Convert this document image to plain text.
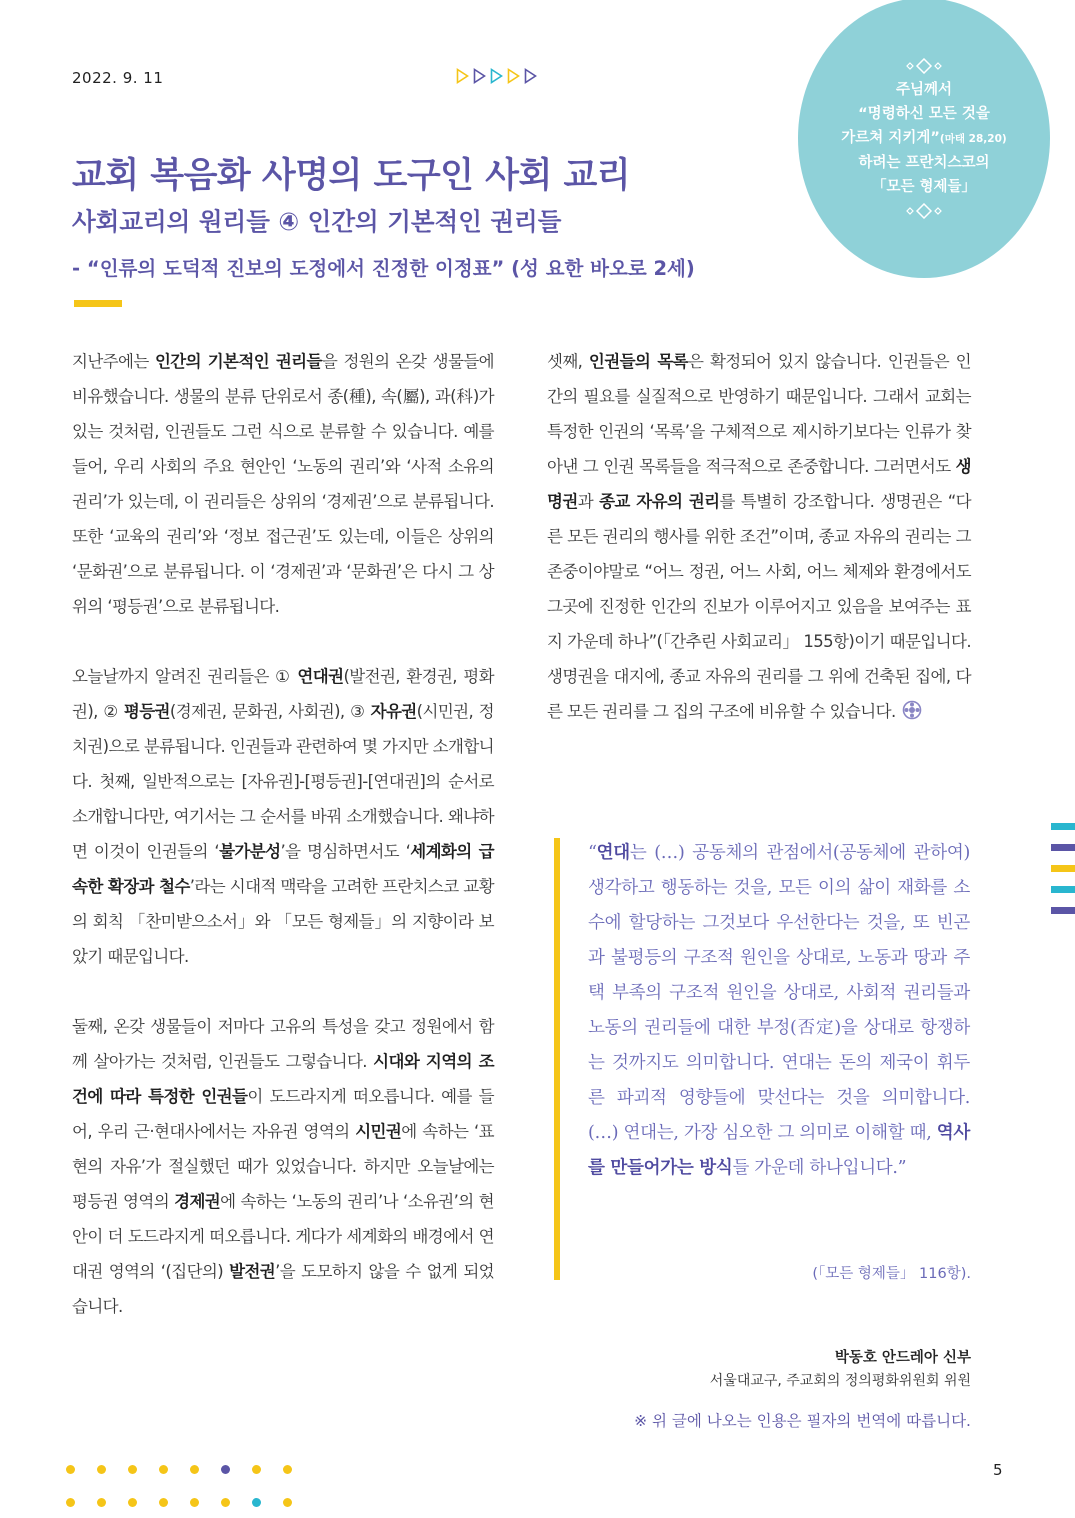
2022. 9. 11
주님께서
“명령하신 모든 것을
가르쳐 지키게”(마태 28,20)
하려는 프란치스코의
「모든 형제들」
교회 복음화 사명의 도구인 사회 교리
사회교리의 원리들 ④ 인간의 기본적인 권리들
- “인류의 도덕적 진보의 도정에서 진정한 이정표” (성 요한 바오로 2세)

지난주에는 인간의 기본적인 권리들을 정원의 온갖 생물들에 비유했습니다. 생물의 분류 단위로서 종(種), 속(屬), 과(科)가 있는 것처럼, 인권들도 그런 식으로 분류할 수 있습니다. 예를 들어, 우리 사회의 주요 현안인 ‘노동의 권리’와 ‘사적 소유의 권리’가 있는데, 이 권리들은 상위의 ‘경제권’으로 분류됩니다. 또한 ‘교육의 권리’와 ‘정보 접근권’도 있는데, 이들은 상위의 ‘문화권’으로 분류됩니다. 이 ‘경제권’과 ‘문화권’은 다시 그 상위의 ‘평등권’으로 분류됩니다.

오늘날까지 알려진 권리들은 ① 연대권(발전권, 환경권, 평화권), ② 평등권(경제권, 문화권, 사회권), ③ 자유권(시민권, 정치권)으로 분류됩니다. 인권들과 관련하여 몇 가지만 소개합니다. 첫째, 일반적으로는 [자유권]-[평등권]-[연대권]의 순서로 소개합니다만, 여기서는 그 순서를 바꿔 소개했습니다. 왜냐하면 이것이 인권들의 ‘불가분성’을 명심하면서도 ‘세계화의 급속한 확장과 철수’라는 시대적 맥락을 고려한 프란치스코 교황의 회칙 「찬미받으소서」와 「모든 형제들」의 지향이라 보았기 때문입니다.

둘째, 온갖 생물들이 저마다 고유의 특성을 갖고 정원에서 함께 살아가는 것처럼, 인권들도 그렇습니다. 시대와 지역의 조건에 따라 특정한 인권들이 도드라지게 떠오릅니다. 예를 들어, 우리 근·현대사에서는 자유권 영역의 시민권에 속하는 ‘표현의 자유’가 절실했던 때가 있었습니다. 하지만 오늘날에는 평등권 영역의 경제권에 속하는 ‘노동의 권리’나 ‘소유권’의 현안이 더 도드라지게 떠오릅니다. 게다가 세계화의 배경에서 연대권 영역의 ‘(집단의) 발전권’을 도모하지 않을 수 없게 되었습니다.

셋째, 인권들의 목록은 확정되어 있지 않습니다. 인권들은 인간의 필요를 실질적으로 반영하기 때문입니다. 그래서 교회는 특정한 인권의 ‘목록’을 구체적으로 제시하기보다는 인류가 찾아낸 그 인권 목록들을 적극적으로 존중합니다. 그러면서도 생명권과 종교 자유의 권리를 특별히 강조합니다. 생명권은 “다른 모든 권리의 행사를 위한 조건”이며, 종교 자유의 권리는 그 존중이야말로 “어느 정권, 어느 사회, 어느 체제와 환경에서도 그곳에 진정한 인간의 진보가 이루어지고 있음을 보여주는 표지 가운데 하나”(「간추린 사회교리」 155항)이기 때문입니다. 생명권을 대지에, 종교 자유의 권리를 그 위에 건축된 집에, 다른 모든 권리를 그 집의 구조에 비유할 수 있습니다.

“연대는 (…) 공동체의 관점에서(공동체에 관하여) 생각하고 행동하는 것을, 모든 이의 삶이 재화를 소수에 할당하는 그것보다 우선한다는 것을, 또 빈곤과 불평등의 구조적 원인을 상대로, 노동과 땅과 주택 부족의 구조적 원인을 상대로, 사회적 권리들과 노동의 권리들에 대한 부정(否定)을 상대로 항쟁하는 것까지도 의미합니다. 연대는 돈의 제국이 휘두른 파괴적 영향들에 맞선다는 것을 의미합니다. (…) 연대는, 가장 심오한 그 의미로 이해할 때, 역사를 만들어가는 방식들 가운데 하나입니다.”
(「모든 형제들」 116항).
박동호 안드레아 신부
서울대교구, 주교회의 정의평화위원회 위원
※ 위 글에 나오는 인용은 필자의 번역에 따릅니다.
5
